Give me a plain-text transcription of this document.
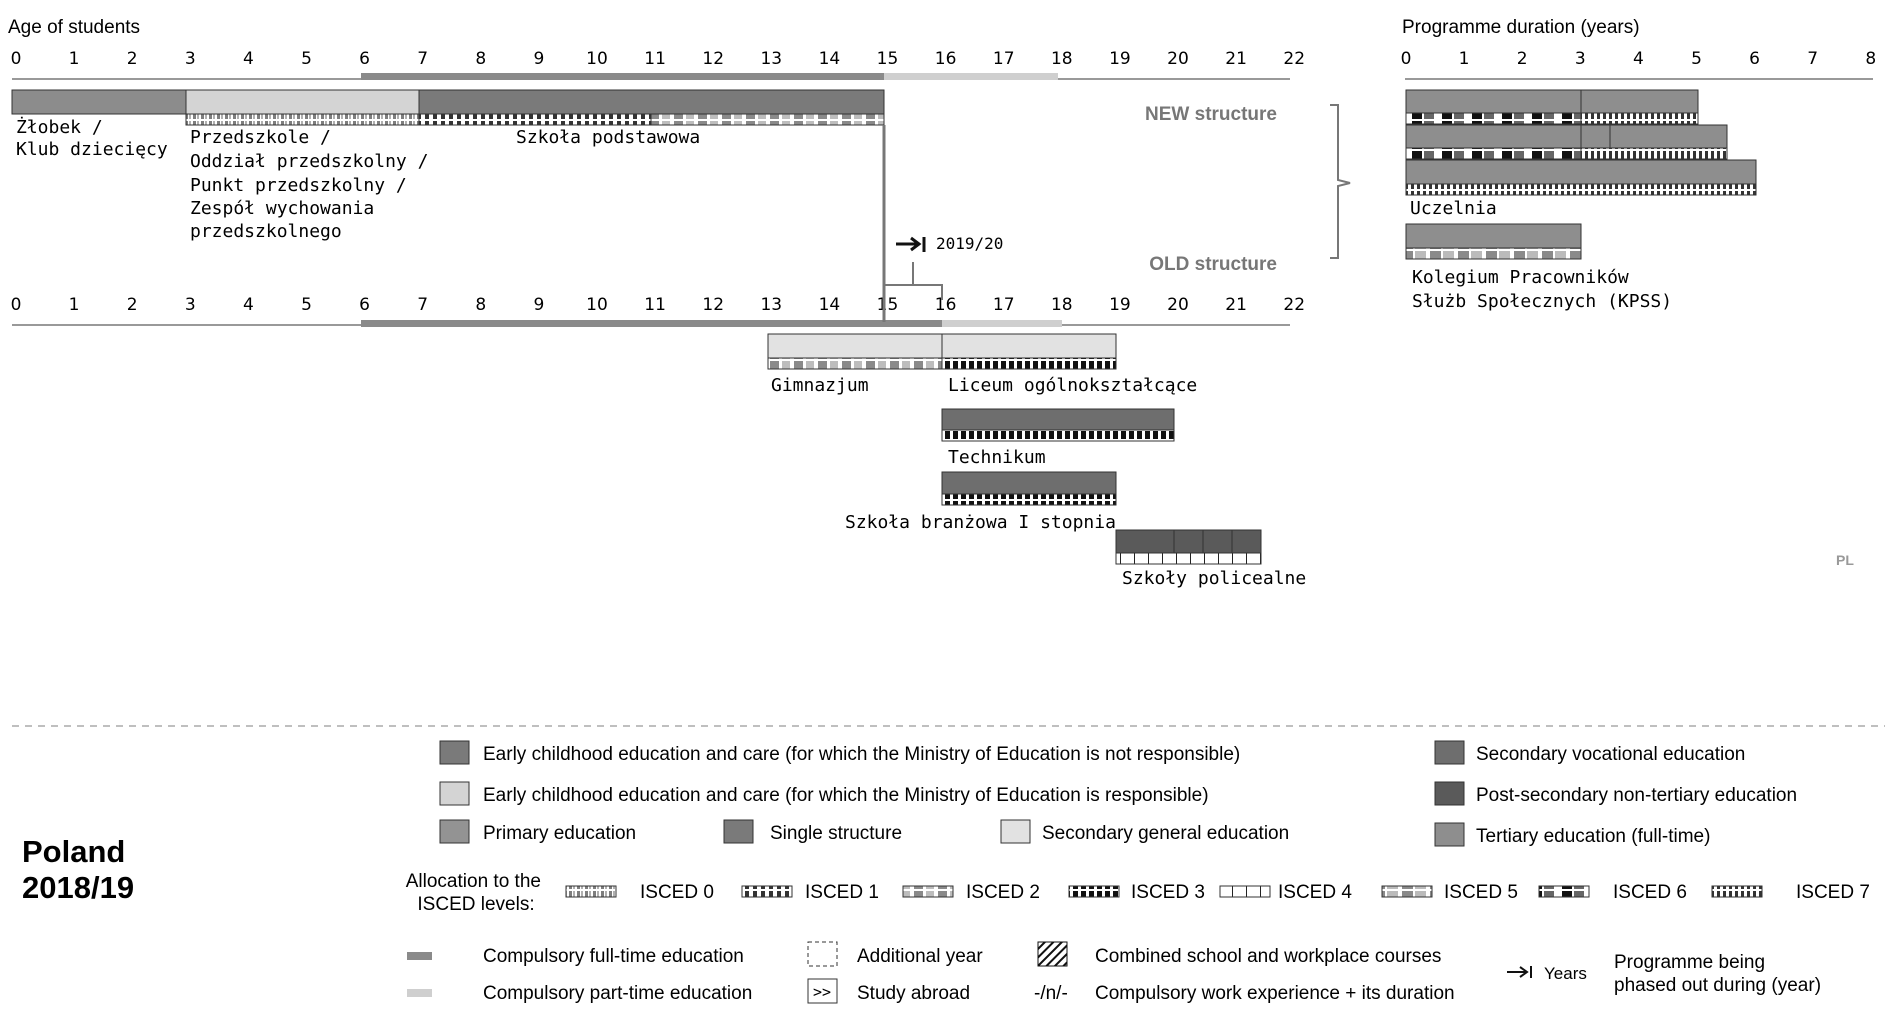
Age of students	Programme duration (years)
0	1	2	3	4	5	6	7	8	9 10 11 12 13 14 15 16 17 18 19 20 21 22
0	1	2	3	4	5	6	7	8	9 10 11 12 13 14 15 16 17 18 19 20 21 22
0	1	2	3	4	5	6	7	8
Żłobek / Klub dziecięcy
Przedszkole / Oddział przedszkolny / Punkt przedszkolny / Zespół wychowania przedszkolnego
Szkoła podstawowa
NEW structure
OLD structure
2019/20
Gimnazjum	Liceum ogólnokształcące
Technikum
Szkoła branżowa I stopnia
Szkoły policealne
Uczelnia
Kolegium Pracowników Służb Społecznych (KPSS)
PL
Poland
2018/19
Early childhood education and care (for which the Ministry of Education is not responsible)
Early childhood education and care (for which the Ministry of Education is responsible)
Primary education	Single structure	Secondary general education
Secondary vocational education
Post-secondary non-tertiary education
Tertiary education (full-time)
Allocation to the ISCED levels:
ISCED 0	ISCED 1	ISCED 2	ISCED 3	ISCED 4	ISCED 5	ISCED 6	ISCED 7
Compulsory full-time education
Compulsory part-time education
Additional year
>> Study abroad
Combined school and workplace courses
-/n/- Compulsory work experience + its duration
Years
Programme being phased out during (year)
